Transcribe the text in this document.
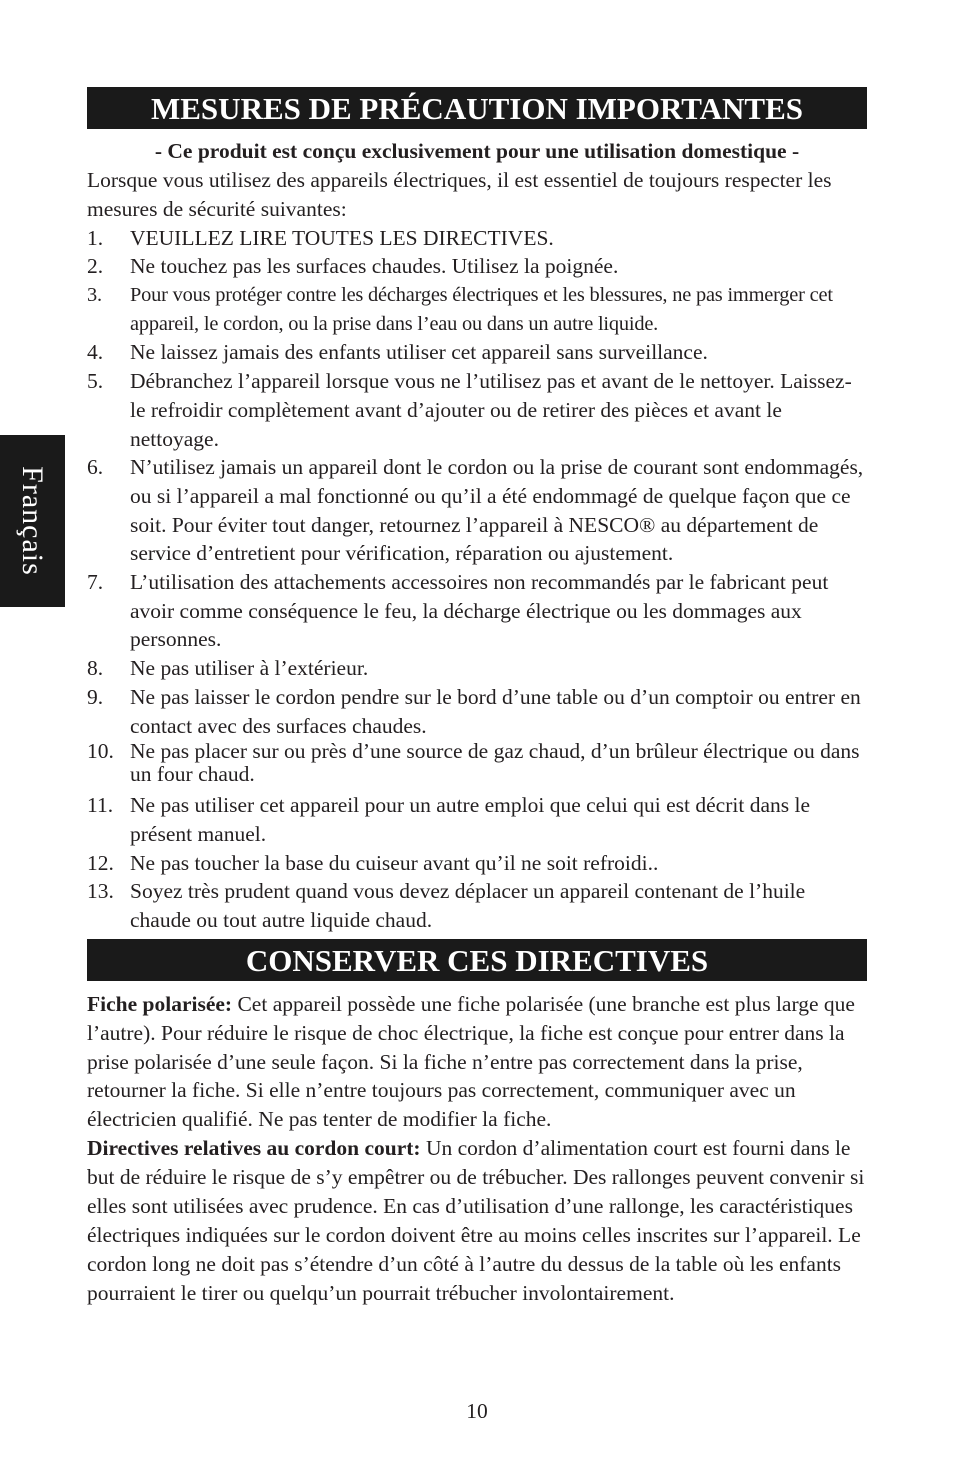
Français
MESURES DE PRÉCAUTION IMPORTANTES
- Ce produit est conçu exclusivement pour une utilisation domestique -
Lorsque vous utilisez des appareils électriques, il est essentiel de toujours respecter les mesures de sécurité suivantes:
1. VEUILLEZ LIRE TOUTES LES DIRECTIVES.
2. Ne touchez pas les surfaces chaudes. Utilisez la poignée.
3. Pour vous protéger contre les décharges électriques et les blessures, ne pas immerger cet appareil, le cordon, ou la prise dans l’eau ou dans un autre liquide.
4. Ne laissez jamais des enfants utiliser cet appareil sans surveillance.
5. Débranchez l’appareil lorsque vous ne l’utilisez pas et avant de le nettoyer. Laissez-le refroidir complètement avant d’ajouter ou de retirer des pièces et avant le nettoyage.
6. N’utilisez jamais un appareil dont le cordon ou la prise de courant sont endommagés, ou si l’appareil a mal fonctionné ou qu’il a été endommagé de quelque façon que ce soit. Pour éviter tout danger, retournez l’appareil à NESCO® au département de service d’entretient pour vérification, réparation ou ajustement.
7. L’utilisation des attachements accessoires non recommandés par le fabricant peut avoir comme conséquence le feu, la décharge électrique ou les dommages aux personnes.
8. Ne pas utiliser à l’extérieur.
9. Ne pas laisser le cordon pendre sur le bord d’une table ou d’un comptoir ou entrer en contact avec des surfaces chaudes.
10. Ne pas placer sur ou près d’une source de gaz chaud, d’un brûleur électrique ou dans un four chaud.
11. Ne pas utiliser cet appareil pour un autre emploi que celui qui est décrit dans le présent manuel.
12. Ne pas toucher la base du cuiseur avant qu’il ne soit refroidi..
13. Soyez très prudent quand vous devez déplacer un appareil contenant de l’huile chaude ou tout autre liquide chaud.
CONSERVER CES DIRECTIVES
Fiche polarisée: Cet appareil possède une fiche polarisée (une branche est plus large que l’autre). Pour réduire le risque de choc électrique, la fiche est conçue pour entrer dans la prise polarisée d’une seule façon. Si la fiche n’entre pas correctement dans la prise, retourner la fiche. Si elle n’entre toujours pas correctement, communiquer avec un électricien qualifié. Ne pas tenter de modifier la fiche.
Directives relatives au cordon court: Un cordon d’alimentation court est fourni dans le but de réduire le risque de s’y empêtrer ou de trébucher. Des rallonges peuvent convenir si elles sont utilisées avec prudence. En cas d’utilisation d’une rallonge, les caractéristiques électriques indiquées sur le cordon doivent être au moins celles inscrites sur l’appareil. Le cordon long ne doit pas s’étendre d’un côté à l’autre du dessus de la table où les enfants pourraient le tirer ou quelqu’un pourrait trébucher involontairement.
10
